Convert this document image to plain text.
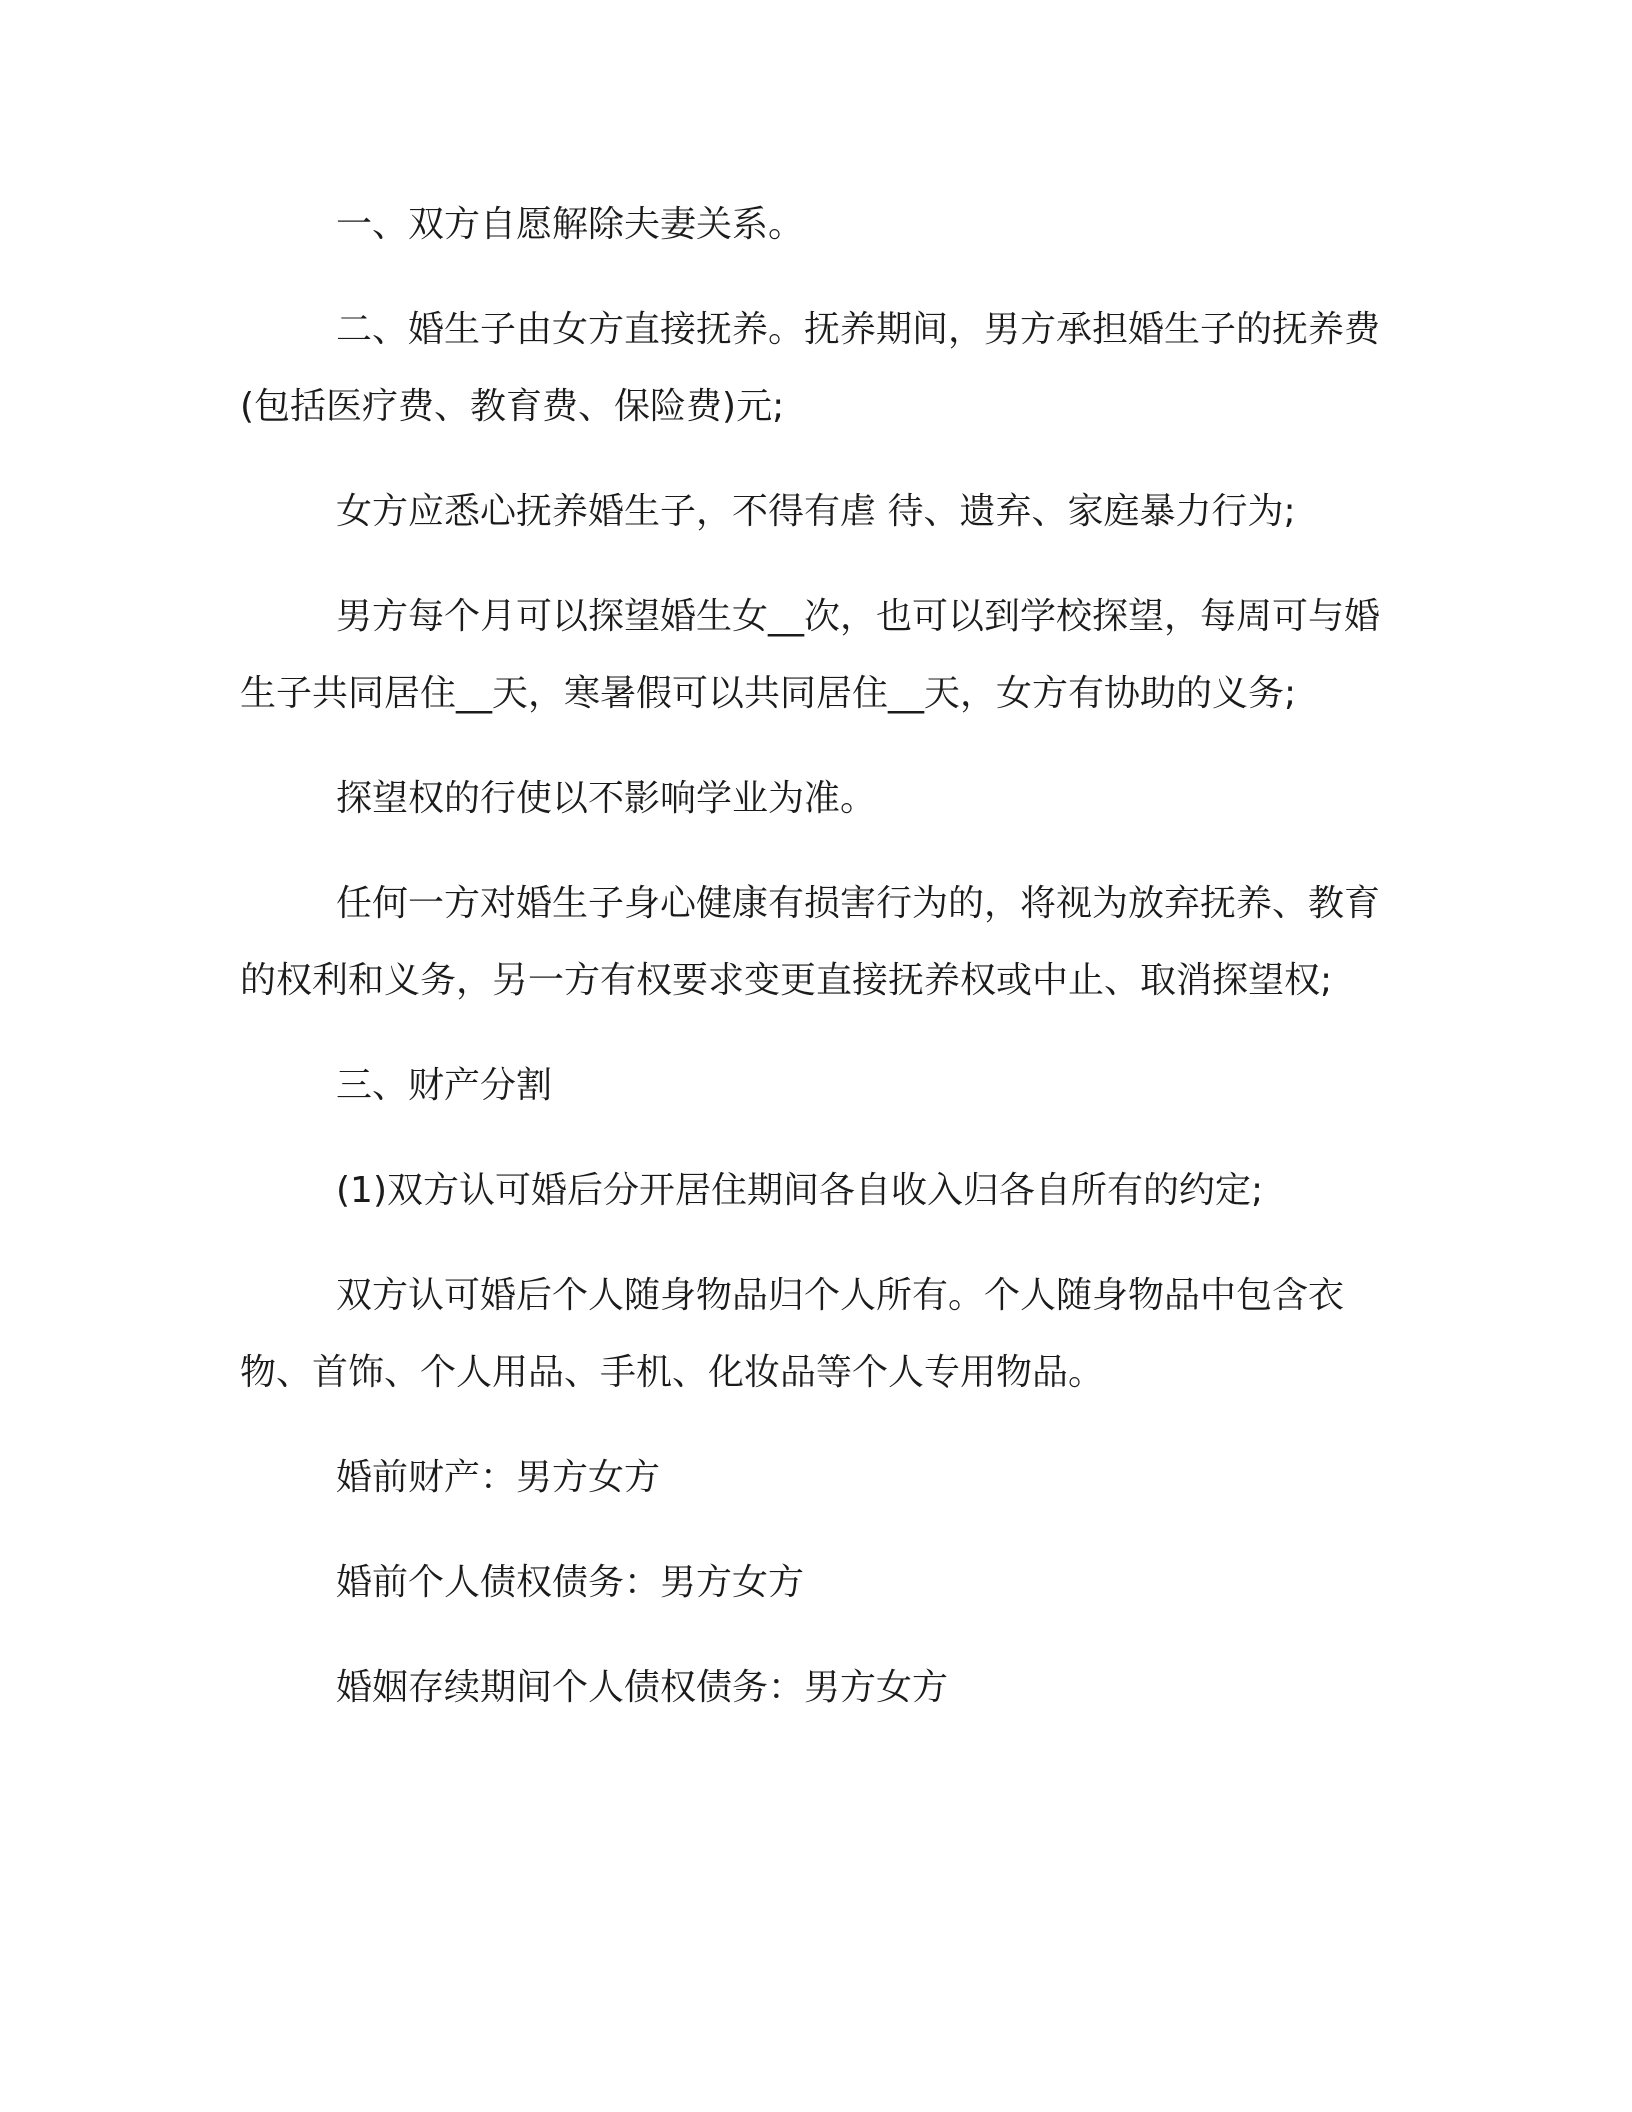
一、双方自愿解除夫妻关系。

二、婚生子由女方直接抚养。抚养期间，男方承担婚生子的抚养费(包括医疗费、教育费、保险费)元;

女方应悉心抚养婚生子，不得有虐 待、遗弃、家庭暴力行为;

男方每个月可以探望婚生女__次，也可以到学校探望，每周可与婚生子共同居住__天，寒暑假可以共同居住__天，女方有协助的义务;

探望权的行使以不影响学业为准。

任何一方对婚生子身心健康有损害行为的，将视为放弃抚养、教育的权利和义务，另一方有权要求变更直接抚养权或中止、取消探望权;

三、财产分割

(1)双方认可婚后分开居住期间各自收入归各自所有的约定;

双方认可婚后个人随身物品归个人所有。个人随身物品中包含衣物、首饰、个人用品、手机、化妆品等个人专用物品。

婚前财产：男方女方

婚前个人债权债务：男方女方

婚姻存续期间个人债权债务：男方女方
